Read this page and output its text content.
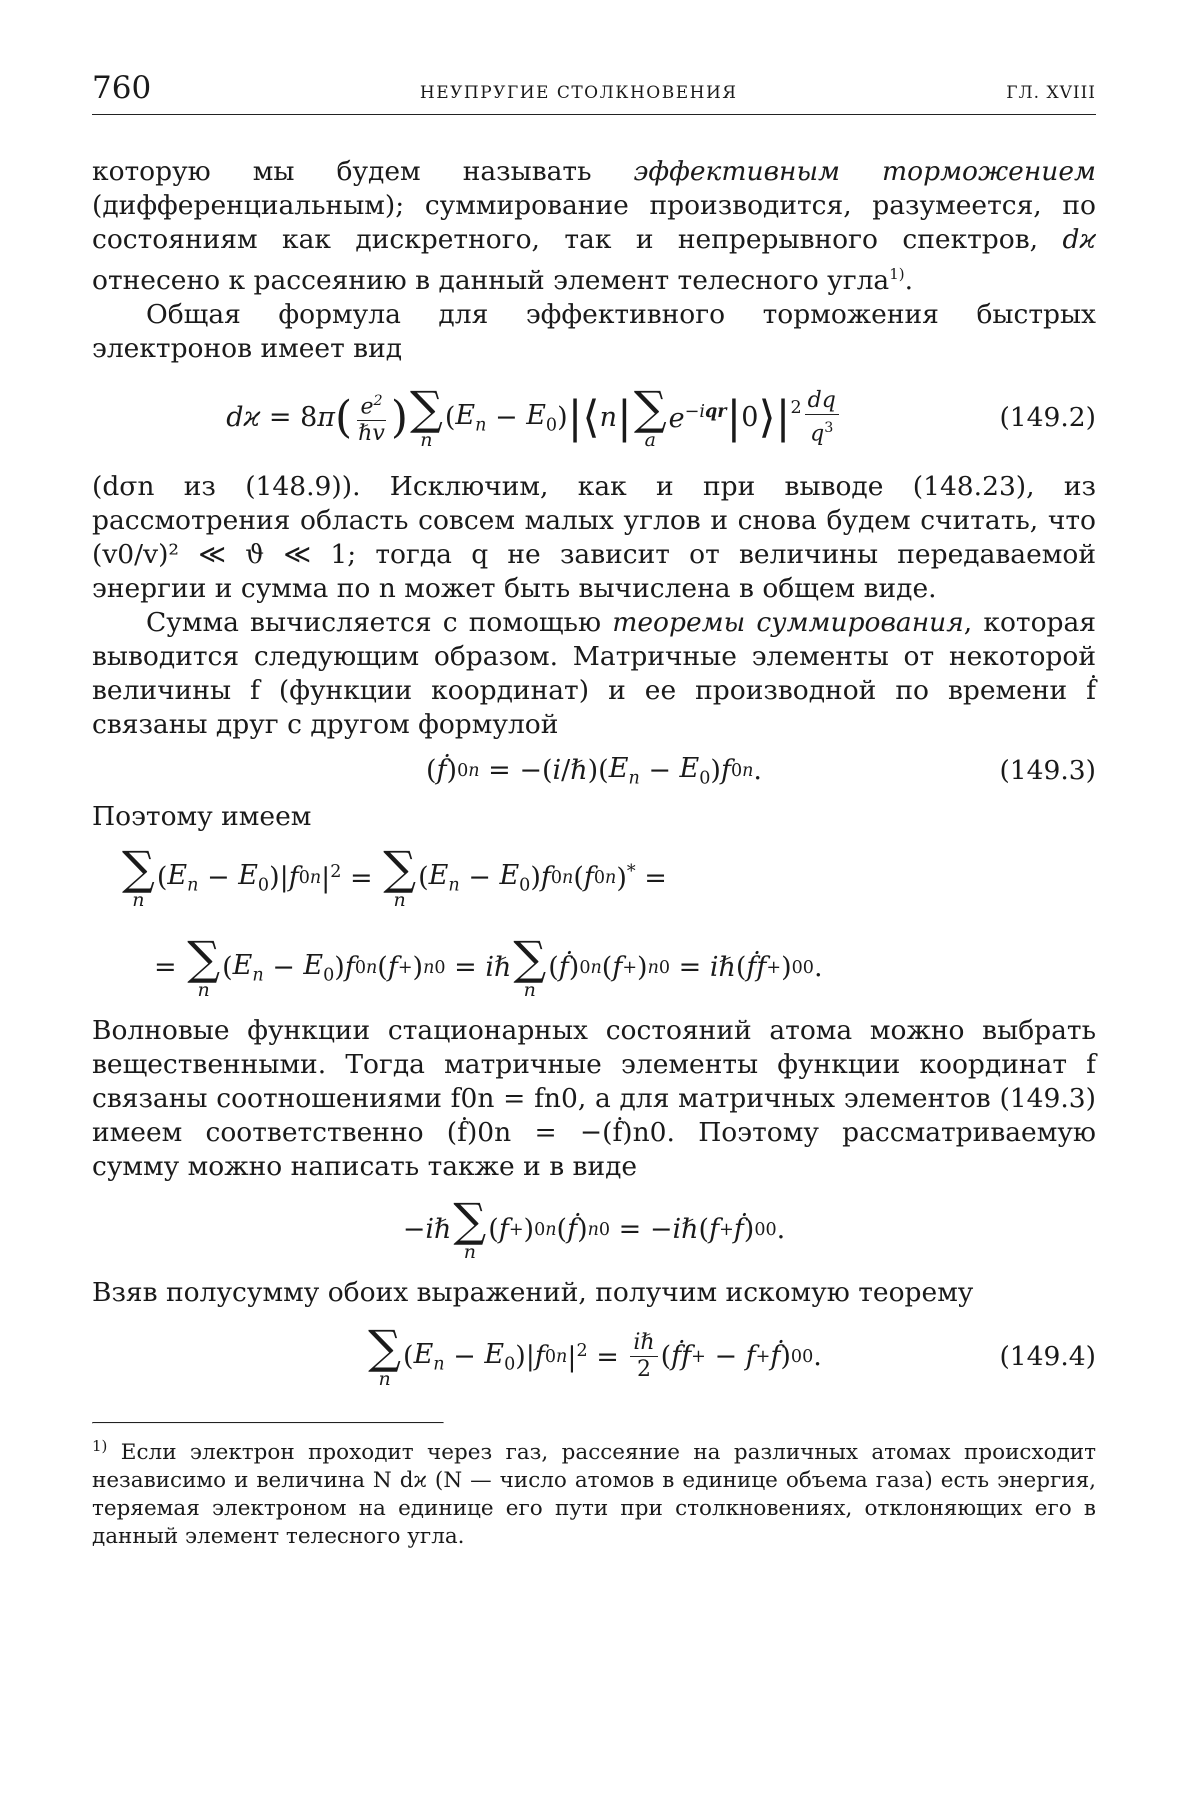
760	НЕУПРУГИЕ СТОЛКНОВЕНИЯ	ГЛ. XVIII

которую мы будем называть эффективным торможением (дифференциальным); суммирование производится, разумеется, по состояниям как дискретного, так и непрерывного спектров, dϰ отнесено к рассеянию в данный элемент телесного угла$^{1)}$.

Общая формула для эффективного торможения быстрых электронов имеет вид

dϰ = 8 π ( $\frac{e^2}{\text{ℏv}}$ ) ∑
n
( $E_n - E_0$ ) |⟨ n | ∑
a
$e^{-iqr}$ | 0 $⟩|^2 \frac{dq}{q^3}$	(149.2)

(dσn из (148.9)). Исключим, как и при выводе (148.23), из рассмотрения область совсем малых углов и снова будем считать, что (v0/v)² ≪ ϑ ≪ 1; тогда q не зависит от величины передаваемой энергии и сумма по n может быть вычислена в общем виде.

Сумма вычисляется с помощью теоремы суммирования, которая выводится следующим образом. Матричные элементы от некоторой величины f (функции координат) и ее производной по времени ḟ связаны друг с другом формулой

( ḟ ) 0n = −( i / ℏ )( $E_n - E_0$ ) f 0n .	(149.3)

Поэтому имеем

∑
n
( $E_n - E_0$ )| f 0n $|^2$ = ∑
n
( $E_n - E_0$ ) f 0n ( f 0n )* =
= ∑
n
( $E_n - E_0$ ) f 0n ( f + ) n0 = iℏ ∑
n
( ḟ ) 0n ( f + ) n0 = iℏ ( ḟf + ) 00 .

Волновые функции стационарных состояний атома можно выбрать вещественными. Тогда матричные элементы функции координат f связаны соотношениями f0n = fn0, а для матричных элементов (149.3) имеем соответственно (ḟ)0n = −(ḟ)n0. Поэтому рассматриваемую сумму можно написать также и в виде

− iℏ ∑
n
( f + ) 0n ( ḟ ) n0 = − iℏ ( f + ḟ ) 00 .

Взяв полусумму обоих выражений, получим искомую теорему

∑
n
( $E_n - E_0$ )| f 0n $|^2 = \frac{\text{iℏ}}{2}$ ( ḟf + − f + ḟ ) 00 .	(149.4)

$^{1)}$ Если электрон проходит через газ, рассеяние на различных атомах происходит независимо и величина N dϰ (N — число атомов в единице объема газа) есть энергия, теряемая электроном на единице его пути при столкновениях, отклоняющих его в данный элемент телесного угла.
